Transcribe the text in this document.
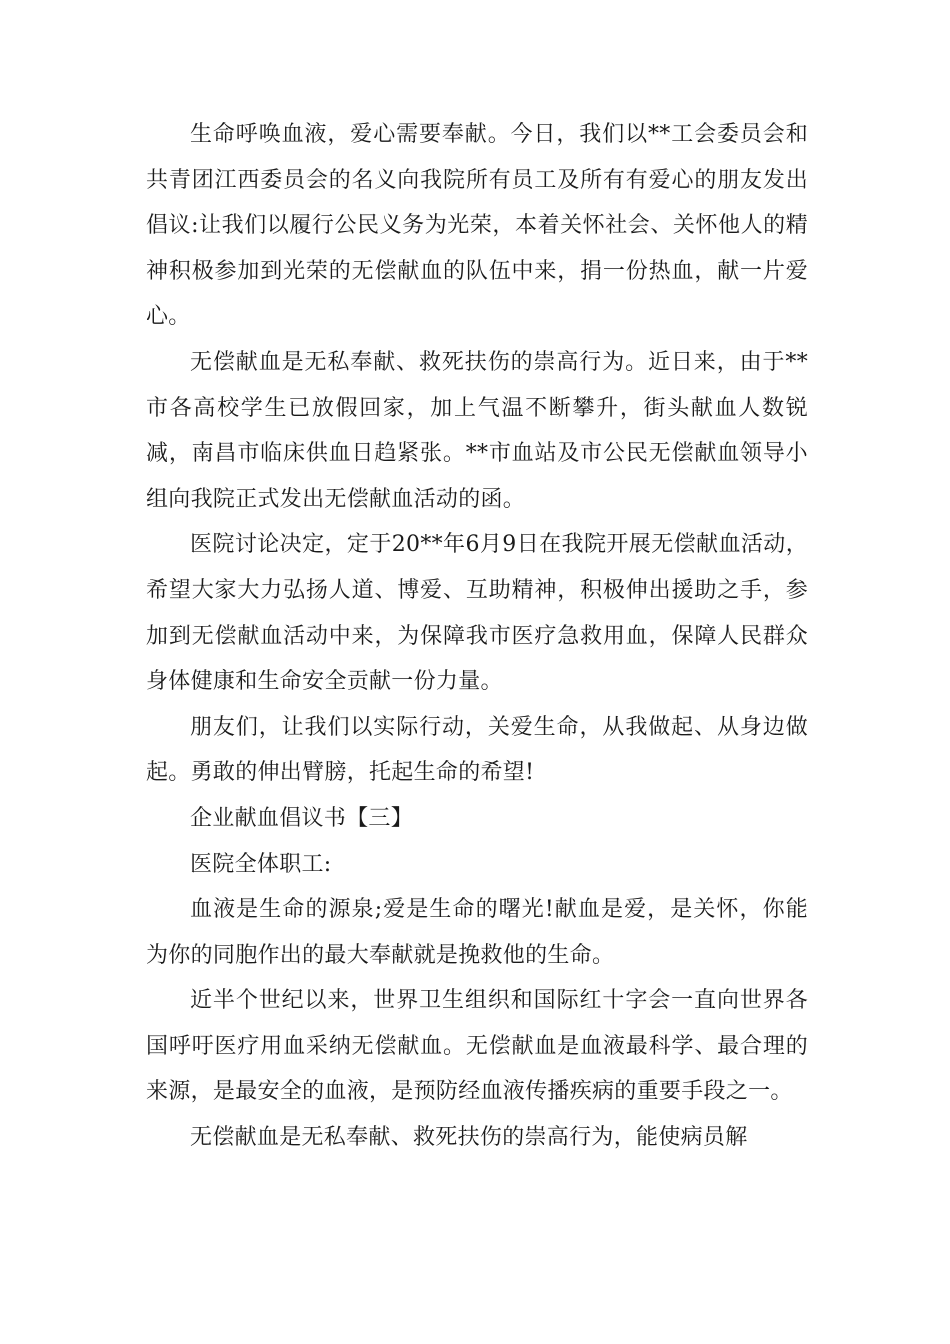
生命呼唤血液，爱心需要奉献。今日，我们以**工会委员会和共青团江西委员会的名义向我院所有员工及所有有爱心的朋友发出倡议:让我们以履行公民义务为光荣，本着关怀社会、关怀他人的精神积极参加到光荣的无偿献血的队伍中来，捐一份热血，献一片爱心。

无偿献血是无私奉献、救死扶伤的崇高行为。近日来，由于**市各高校学生已放假回家，加上气温不断攀升，街头献血人数锐减，南昌市临床供血日趋紧张。**市血站及市公民无偿献血领导小组向我院正式发出无偿献血活动的函。

医院讨论决定，定于20**年6月9日在我院开展无偿献血活动，希望大家大力弘扬人道、博爱、互助精神，积极伸出援助之手，参加到无偿献血活动中来，为保障我市医疗急救用血，保障人民群众身体健康和生命安全贡献一份力量。

朋友们，让我们以实际行动，关爱生命，从我做起、从身边做起。勇敢的伸出臂膀，托起生命的希望!

企业献血倡议书【三】

医院全体职工:

血液是生命的源泉;爱是生命的曙光!献血是爱，是关怀，你能为你的同胞作出的最大奉献就是挽救他的生命。

近半个世纪以来，世界卫生组织和国际红十字会一直向世界各国呼吁医疗用血采纳无偿献血。无偿献血是血液最科学、最合理的来源，是最安全的血液，是预防经血液传播疾病的重要手段之一。

无偿献血是无私奉献、救死扶伤的崇高行为，能使病员解
